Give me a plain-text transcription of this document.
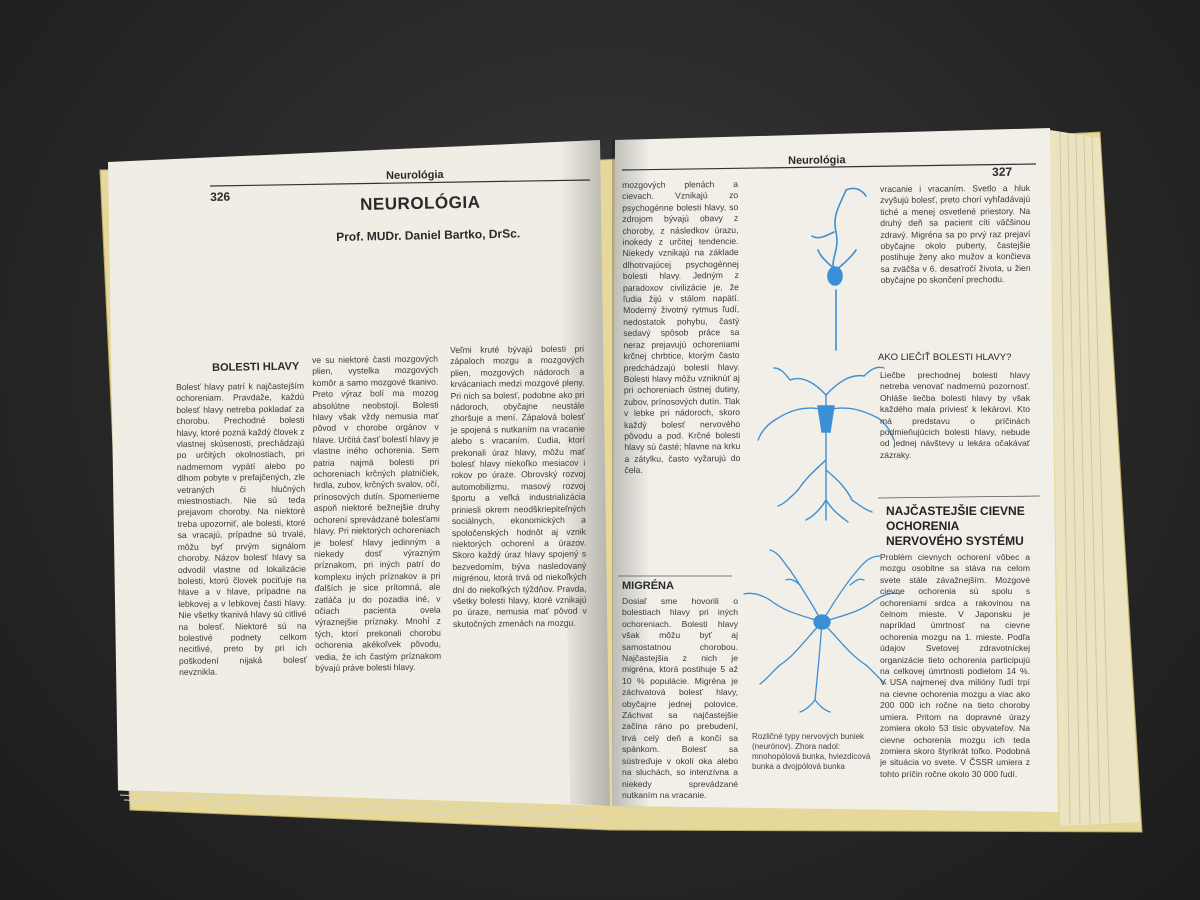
Neurológia
326	NEUROLÓGIA
Prof. MUDr. Daniel Bartko, DrSc.
BOLESTI HLAVY
Bolesť hlavy patrí k najčastejším ochoreniam. Pravdaže, každú bolesť hlavy netreba pokladať za chorobu. Prechodné bolesti hlavy, ktoré pozná každý človek z vlastnej skúsenosti, prechádzajú po určitých okolnostiach, pri nadmernom vypätí alebo po dlhom pobyte v prefajčených, zle vetraných či hlučných miestnostiach. Nie sú teda prejavom choroby. Na niektoré treba upozorniť, ale bolesti, ktoré sa vracajú, prípadne sú trvalé, môžu byť prvým signálom choroby. Názov bolesť hlavy sa odvodil vlastne od lokalizácie bolesti, ktorú človek pociťuje na hlave a v hlave, prípadne na lebkovej a v lebkovej časti hlavy. Nie všetky tkanivá hlavy sú citlivé na bolesť. Niektoré sú na bolestivé podnety celkom necitlivé, preto by pri ich poškodení nijaká bolesť nevznikla.
ve su niektoré časti mozgových plien, vystelka mozgových komôr a samo mozgové tkanivo. Preto výraz bolí ma mozog absolútne neobstojí. Bolesti hlavy však vždy nemusia mať pôvod v chorobe orgánov v hlave. Určitá časť bolestí hlavy je vlastne iného ochorenia. Sem patria najmä bolesti pri ochoreniach krčných platničiek, hrdla, zubov, krčných svalov, očí, prínosových dutín. Spomenieme aspoň niektoré bežnejšie druhy ochorení sprevádzané bolesťami hlavy. Pri niektorých ochoreniach je bolesť hlavy jedinným a niekedy dosť výrazným príznakom, pri iných patrí do komplexu iných príznakov a pri ďalších je sice prítomná, ale zatláča ju do pozadia iné, v očiach pacienta ovela výraznejšie príznaky. Mnohí z tých, ktorí prekonali chorobu ochorenia akékoľvek pôvodu, vedia, že ich častým príznakom bývajú práve bolesti hlavy.
Veľmi kruté bývajú bolesti pri zápaloch mozgu a mozgových plien, mozgových nádoroch a krvácaniach medzi mozgové pleny. Pri nich sa bolesť, podobne ako pri nádoroch, obyčajne neustále zhoršuje a mení. Zápalová bolesť je spojená s nutkaním na vracanie alebo s vracaním. Ľudia, ktorí prekonali úraz hlavy, môžu mať bolesť hlavy niekoľko mesiacov i rokov po úraze. Obrovský rozvoj automobilizmu, masový rozvoj športu a veľká industrializácia priniesli okrem neodškriepiteľných sociálnych, ekonomických a spoločenských hodnôt aj vznik niektorých ochorení a úrazov. Skoro každý úraz hlavy spojený s bezvedomím, býva nasledovaný migrénou, ktorá trvá od niekoľkých dní do niekoľkých týždňov. Pravda, všetky bolesti hlavy, ktoré vznikajú po úraze, nemusia mať pôvod v skutočných zmenách na mozgu.
Neurológia
327
mozgových plenách a cievach. Vznikajú zo psychogénne bolesti hlavy, so zdrojom bývajú obavy z choroby, z následkov úrazu, inokedy z určitej tendencie. Niekedy vznikajú na základe dlhotrvajúcej psychogénnej bolesti hlavy. Jedným z paradoxov civilizácie je, že ľudia žijú v stálom napätí. Moderný životný rytmus ľudí, nedostatok pohybu, častý sedavý spôsob práce sa neraz prejavujú ochoreniami krčnej chrbtice, ktorým často predchádzajú bolesti hlavy. Bolesti hlavy môžu vzniknúť aj pri ochoreniach ústnej dutiny, zubov, prínosových dutín. Tlak v lebke pri nádoroch, skoro každý bolesť nervového pôvodu a pod. Krčné bolesti hlavy sú časté; hlavne na krku a zátylku, často vyžarujú do čela.
MIGRÉNA
Dosiaľ sme hovorili o bolestiach hlavy pri iných ochoreniach. Bolesti hlavy však môžu byť aj samostatnou chorobou. Najčastejšia z nich je migréna, ktorá postihuje 5 až 10 % populácie. Migréna je záchvatová bolesť hlavy, obyčajne jednej polovice. Záchvat sa najčastejšie začína ráno po prebudení, trvá celý deň a končí sa spánkom. Bolesť sa sústreďuje v okolí oka alebo na sluchách, so intenzívna a niekedy sprevádzané nutkaním na vracanie.
Rozličné typy nervových buniek (neurónov). Zhora nadol: mnohopólová bunka, hviezdicová bunka a dvojpólová bunka
vracanie i vracaním. Svetlo a hluk zvyšujú bolesť, preto chorí vyhľadávajú tiché a menej osvetlené priestory. Na druhý deň sa pacient cíti väčšinou zdravý. Migréna sa po prvý raz prejaví obyčajne okolo puberty, častejšie postihuje ženy ako mužov a končieva sa zväčša v 6. desaťročí života, u žien obyčajne po skončení prechodu.
AKO LIEČIŤ BOLESTI HLAVY?
Liečbe prechodnej bolesti hlavy netreba venovať nadmernú pozornosť. Ohláše liečba bolesti hlavy by však každého mala priviesť k lekárovi. Kto má predstavu o príčinách podmieňujúcich bolesti hlavy, nebude od jednej návštevy u lekára očakávať zázraky.
NAJČASTEJŠIE CIEVNE OCHORENIA NERVOVÉHO SYSTÉMU
Problém cievnych ochorení vôbec a mozgu osobitne sa stáva na celom svete stále závažnejším. Mozgové cievne ochorenia sú spolu s ochoreniami srdca a rakovinou na čelnom mieste. V Japonsku je napríklad úmrtnosť na cievne ochorenia mozgu na 1. mieste. Podľa údajov Svetovej zdravotníckej organizácie tieto ochorenia participujú na celkovej úmrtnosti podielom 14 %. V USA najmenej dva milióny ľudí trpí na cievne ochorenia mozgu a viac ako 200 000 ich ročne na tieto choroby umiera. Pritom na dopravné úrazy zomiera okolo 53 tisíc obyvateľov. Na cievne ochorenia mozgu ich teda zomiera skoro štyrikrát toľko. Podobná je situácia vo svete. V ČSSR umiera z tohto príčin ročne okolo 30 000 ľudí.
